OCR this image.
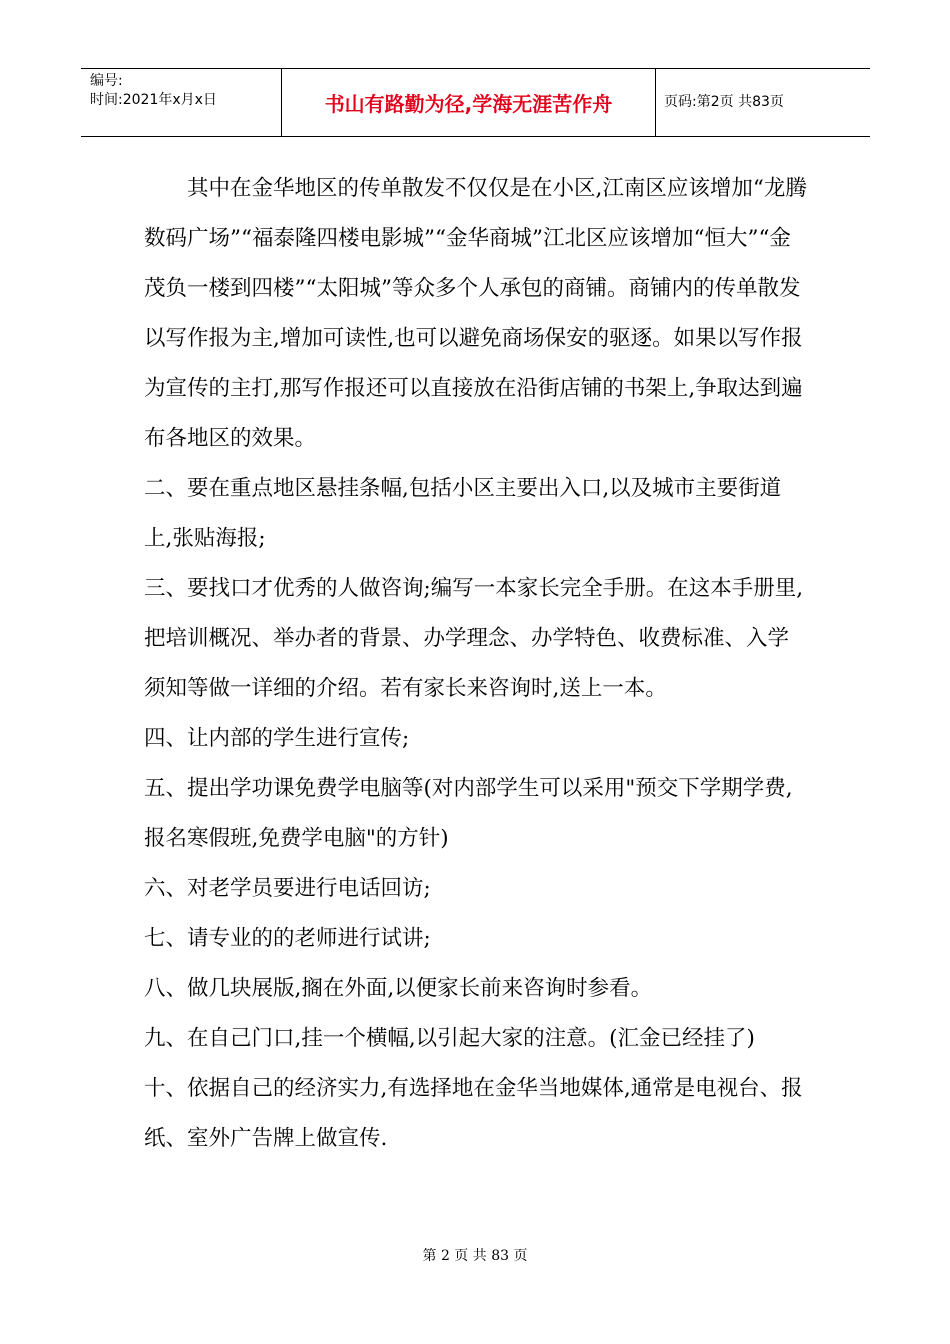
编号:
时间:2021年x月x日	书山有路勤为径,学海无涯苦作舟	页码:第2页 共83页

其中在金华地区的传单散发不仅仅是在小区,江南区应该增加“龙腾数码广场”“福泰隆四楼电影城”“金华商城”江北区应该增加“恒大”“金茂负一楼到四楼”“太阳城”等众多个人承包的商铺。商铺内的传单散发以写作报为主,增加可读性,也可以避免商场保安的驱逐。如果以写作报为宣传的主打,那写作报还可以直接放在沿街店铺的书架上,争取达到遍布各地区的效果。

二、要在重点地区悬挂条幅,包括小区主要出入口,以及城市主要街道上,张贴海报;

三、要找口才优秀的人做咨询;编写一本家长完全手册。在这本手册里,把培训概况、举办者的背景、办学理念、办学特色、收费标准、入学须知等做一详细的介绍。若有家长来咨询时,送上一本。

四、让内部的学生进行宣传;

五、提出学功课免费学电脑等(对内部学生可以采用"预交下学期学费,报名寒假班,免费学电脑"的方针)

六、对老学员要进行电话回访;

七、请专业的的老师进行试讲;

八、做几块展版,搁在外面,以便家长前来咨询时参看。

九、在自己门口,挂一个横幅,以引起大家的注意。(汇金已经挂了)

十、依据自己的经济实力,有选择地在金华当地媒体,通常是电视台、报纸、室外广告牌上做宣传.

第 2 页 共 83 页
